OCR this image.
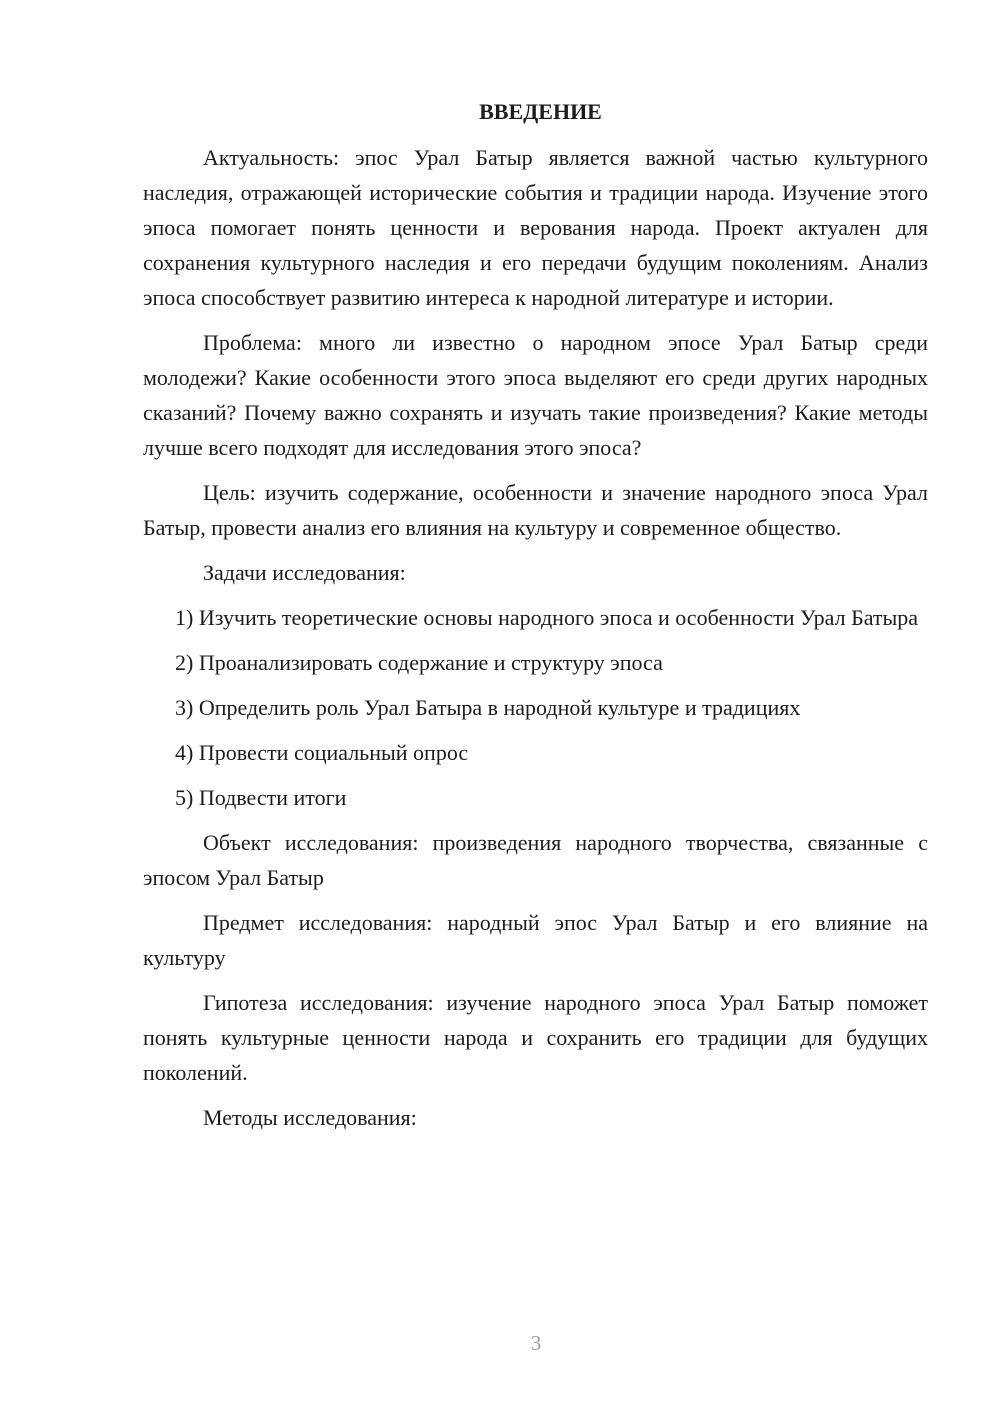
ВВЕДЕНИЕ

Актуальность: эпос Урал Батыр является важной частью культурного наследия, отражающей исторические события и традиции народа. Изучение этого эпоса помогает понять ценности и верования народа. Проект актуален для сохранения культурного наследия и его передачи будущим поколениям. Анализ эпоса способствует развитию интереса к народной литературе и истории.

Проблема: много ли известно о народном эпосе Урал Батыр среди молодежи? Какие особенности этого эпоса выделяют его среди других народных сказаний? Почему важно сохранять и изучать такие произведения? Какие методы лучше всего подходят для исследования этого эпоса?

Цель: изучить содержание, особенности и значение народного эпоса Урал Батыр, провести анализ его влияния на культуру и современное общество.

Задачи исследования:

1) Изучить теоретические основы народного эпоса и особенности Урал Батыра

2) Проанализировать содержание и структуру эпоса

3) Определить роль Урал Батыра в народной культуре и традициях

4) Провести социальный опрос

5) Подвести итоги

Объект исследования: произведения народного творчества, связанные с эпосом Урал Батыр

Предмет исследования: народный эпос Урал Батыр и его влияние на культуру

Гипотеза исследования: изучение народного эпоса Урал Батыр поможет понять культурные ценности народа и сохранить его традиции для будущих поколений.

Методы исследования:

3
